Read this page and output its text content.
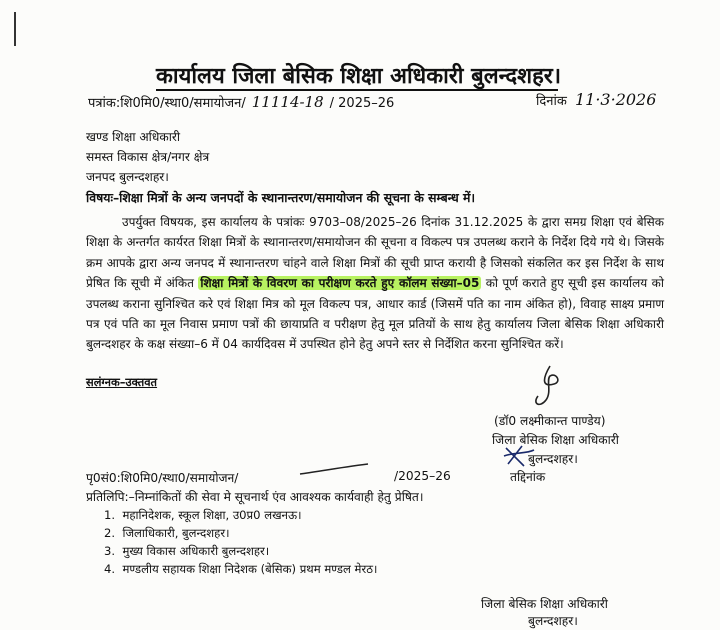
कार्यालय जिला बेसिक शिक्षा अधिकारी बुलन्दशहर।
पत्रांक:शि0मि0/स्था0/समायोजन/ 11114-18 / 2025–26	दिनांक 11·3·2026
खण्ड शिक्षा अधिकारी
समस्त विकास क्षेत्र/नगर क्षेत्र
जनपद बुलन्दशहर।
विषयः–शिक्षा मित्रों के अन्य जनपदों के स्थानान्तरण/समायोजन की सूचना के सम्बन्ध में।
उपर्युक्त विषयक, इस कार्यालय के पत्रांकः 9703–08/2025–26 दिनांक 31.12.2025 के द्वारा समग्र शिक्षा एवं बेसिक शिक्षा के अन्तर्गत कार्यरत शिक्षा मित्रों के स्थानान्तरण/समायोजन की सूचना व विकल्प पत्र उपलब्ध कराने के निर्देश दिये गये थे। जिसके क्रम आपके द्वारा अन्य जनपद में स्थानान्तरण चांहने वाले शिक्षा मित्रों की सूची प्राप्त करायी है जिसको संकलित कर इस निर्देश के साथ प्रेषित कि सूची में अंकित शिक्षा मित्रों के विवरण का परीक्षण करते हुए कॉलम संख्या–05 को पूर्ण कराते हुए सूची इस कार्यालय को उपलब्ध कराना सुनिश्चित करे एवं शिक्षा मित्र को मूल विकल्प पत्र, आधार कार्ड (जिसमें पति का नाम अंकित हो), विवाह साक्ष्य प्रमाण पत्र एवं पति का मूल निवास प्रमाण पत्रों की छायाप्रति व परीक्षण हेतु मूल प्रतियों के साथ हेतु कार्यालय जिला बेसिक शिक्षा अधिकारी बुलन्दशहर के कक्ष संख्या–6 में 04 कार्यदिवस में उपस्थित होने हेतु अपने स्तर से निर्देशित करना सुनिश्चित करें।
सलंग्नक–उक्तवत
(डॉ0 लक्ष्मीकान्त पाण्डेय)
जिला बेसिक शिक्षा अधिकारी
बुलन्दशहर।
तद्दिनांक
पृ0सं0:शि0मि0/स्था0/समायोजन/	/2025–26
प्रतिलिपि:–निम्नांकितों की सेवा मे सूचनार्थ एंव आवश्यक कार्यवाही हेतु प्रेषित।
1.  महानिदेशक, स्कूल शिक्षा, उ0प्र0 लखनऊ।
2.  जिलाधिकारी, बुलन्दशहर।
3.  मुख्य विकास अधिकारी बुलन्दशहर।
4.  मण्डलीय सहायक शिक्षा निदेशक (बेसिक) प्रथम मण्डल मेरठ।
जिला बेसिक शिक्षा अधिकारी
बुलन्दशहर।
